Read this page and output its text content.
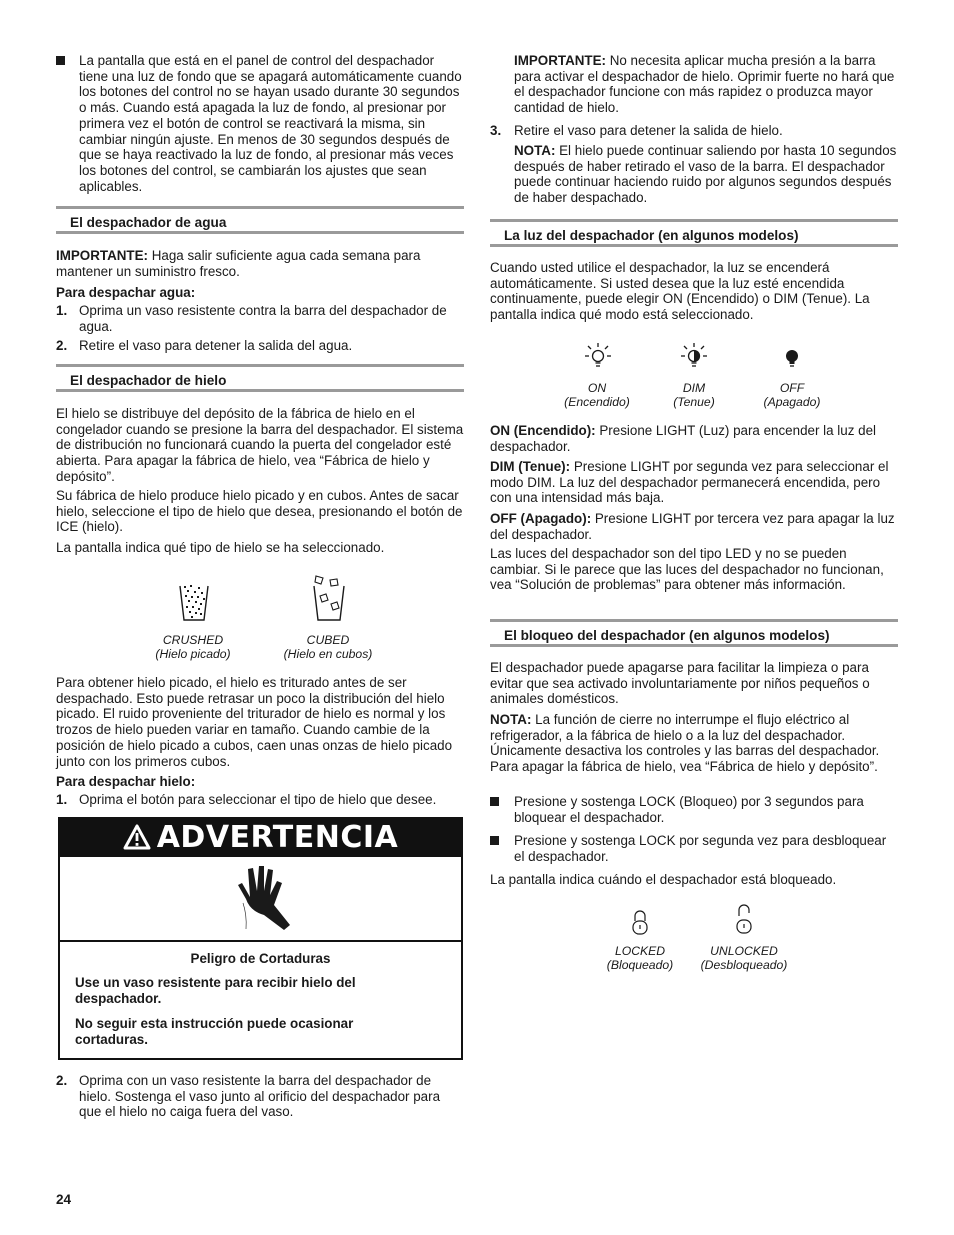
La pantalla que está en el panel de control del despachador tiene una luz de fondo que se apagará automáticamente cuando los botones del control no se hayan usado durante 30 segundos o más. Cuando está apagada la luz de fondo, al presionar por primera vez el botón de control se reactivará la misma, sin cambiar ningún ajuste. En menos de 30 segundos después de que se haya reactivado la luz de fondo, al presionar más veces los botones del control, se cambiarán los ajustes que sean aplicables.

El despachador de agua

IMPORTANTE: Haga salir suficiente agua cada semana para mantener un suministro fresco.

Para despachar agua:

1. Oprima un vaso resistente contra la barra del despachador de agua.

2. Retire el vaso para detener la salida del agua.

El despachador de hielo

El hielo se distribuye del depósito de la fábrica de hielo en el congelador cuando se presione la barra del despachador. El sistema de distribución no funcionará cuando la puerta del congelador esté abierta. Para apagar la fábrica de hielo, vea “Fábrica de hielo y depósito”.

Su fábrica de hielo produce hielo picado y en cubos. Antes de sacar hielo, seleccione el tipo de hielo que desea, presionando el botón de ICE (hielo).

La pantalla indica qué tipo de hielo se ha seleccionado.

CRUSHED
(Hielo picado)
CUBED
(Hielo en cubos)

Para obtener hielo picado, el hielo es triturado antes de ser despachado. Esto puede retrasar un poco la distribución del hielo picado. El ruido proveniente del triturador de hielo es normal y los trozos de hielo pueden variar en tamaño. Cuando cambie de la posición de hielo picado a cubos, caen unas onzas de hielo picado junto con los primeros cubos.

Para despachar hielo:

1. Oprima el botón para seleccionar el tipo de hielo que desee.

ADVERTENCIA

Peligro de Cortaduras

Use un vaso resistente para recibir hielo del despachador.

No seguir esta instrucción puede ocasionar cortaduras.

2. Oprima con un vaso resistente la barra del despachador de hielo. Sostenga el vaso junto al orificio del despachador para que el hielo no caiga fuera del vaso.

24

IMPORTANTE: No necesita aplicar mucha presión a la barra para activar el despachador de hielo. Oprimir fuerte no hará que el despachador funcione con más rapidez o produzca mayor cantidad de hielo.

3. Retire el vaso para detener la salida de hielo.

NOTA: El hielo puede continuar saliendo por hasta 10 segundos después de haber retirado el vaso de la barra. El despachador puede continuar haciendo ruido por algunos segundos después de haber despachado.

La luz del despachador (en algunos modelos)

Cuando usted utilice el despachador, la luz se encenderá automáticamente. Si usted desea que la luz esté encendida continuamente, puede elegir ON (Encendido) o DIM (Tenue). La pantalla indica qué modo está seleccionado.

ON
(Encendido)
DIM
(Tenue)
OFF
(Apagado)

ON (Encendido): Presione LIGHT (Luz) para encender la luz del despachador.

DIM (Tenue): Presione LIGHT por segunda vez para seleccionar el modo DIM. La luz del despachador permanecerá encendida, pero con una intensidad más baja.

OFF (Apagado): Presione LIGHT por tercera vez para apagar la luz del despachador.

Las luces del despachador son del tipo LED y no se pueden cambiar. Si le parece que las luces del despachador no funcionan, vea “Solución de problemas” para obtener más información.

El bloqueo del despachador (en algunos modelos)

El despachador puede apagarse para facilitar la limpieza o para evitar que sea activado involuntariamente por niños pequeños o animales domésticos.

NOTA: La función de cierre no interrumpe el flujo eléctrico al refrigerador, a la fábrica de hielo o a la luz del despachador. Únicamente desactiva los controles y las barras del despachador. Para apagar la fábrica de hielo, vea “Fábrica de hielo y depósito”.

Presione y sostenga LOCK (Bloqueo) por 3 segundos para bloquear el despachador.

Presione y sostenga LOCK por segunda vez para desbloquear el despachador.

La pantalla indica cuándo el despachador está bloqueado.

LOCKED
(Bloqueado)
UNLOCKED
(Desbloqueado)
